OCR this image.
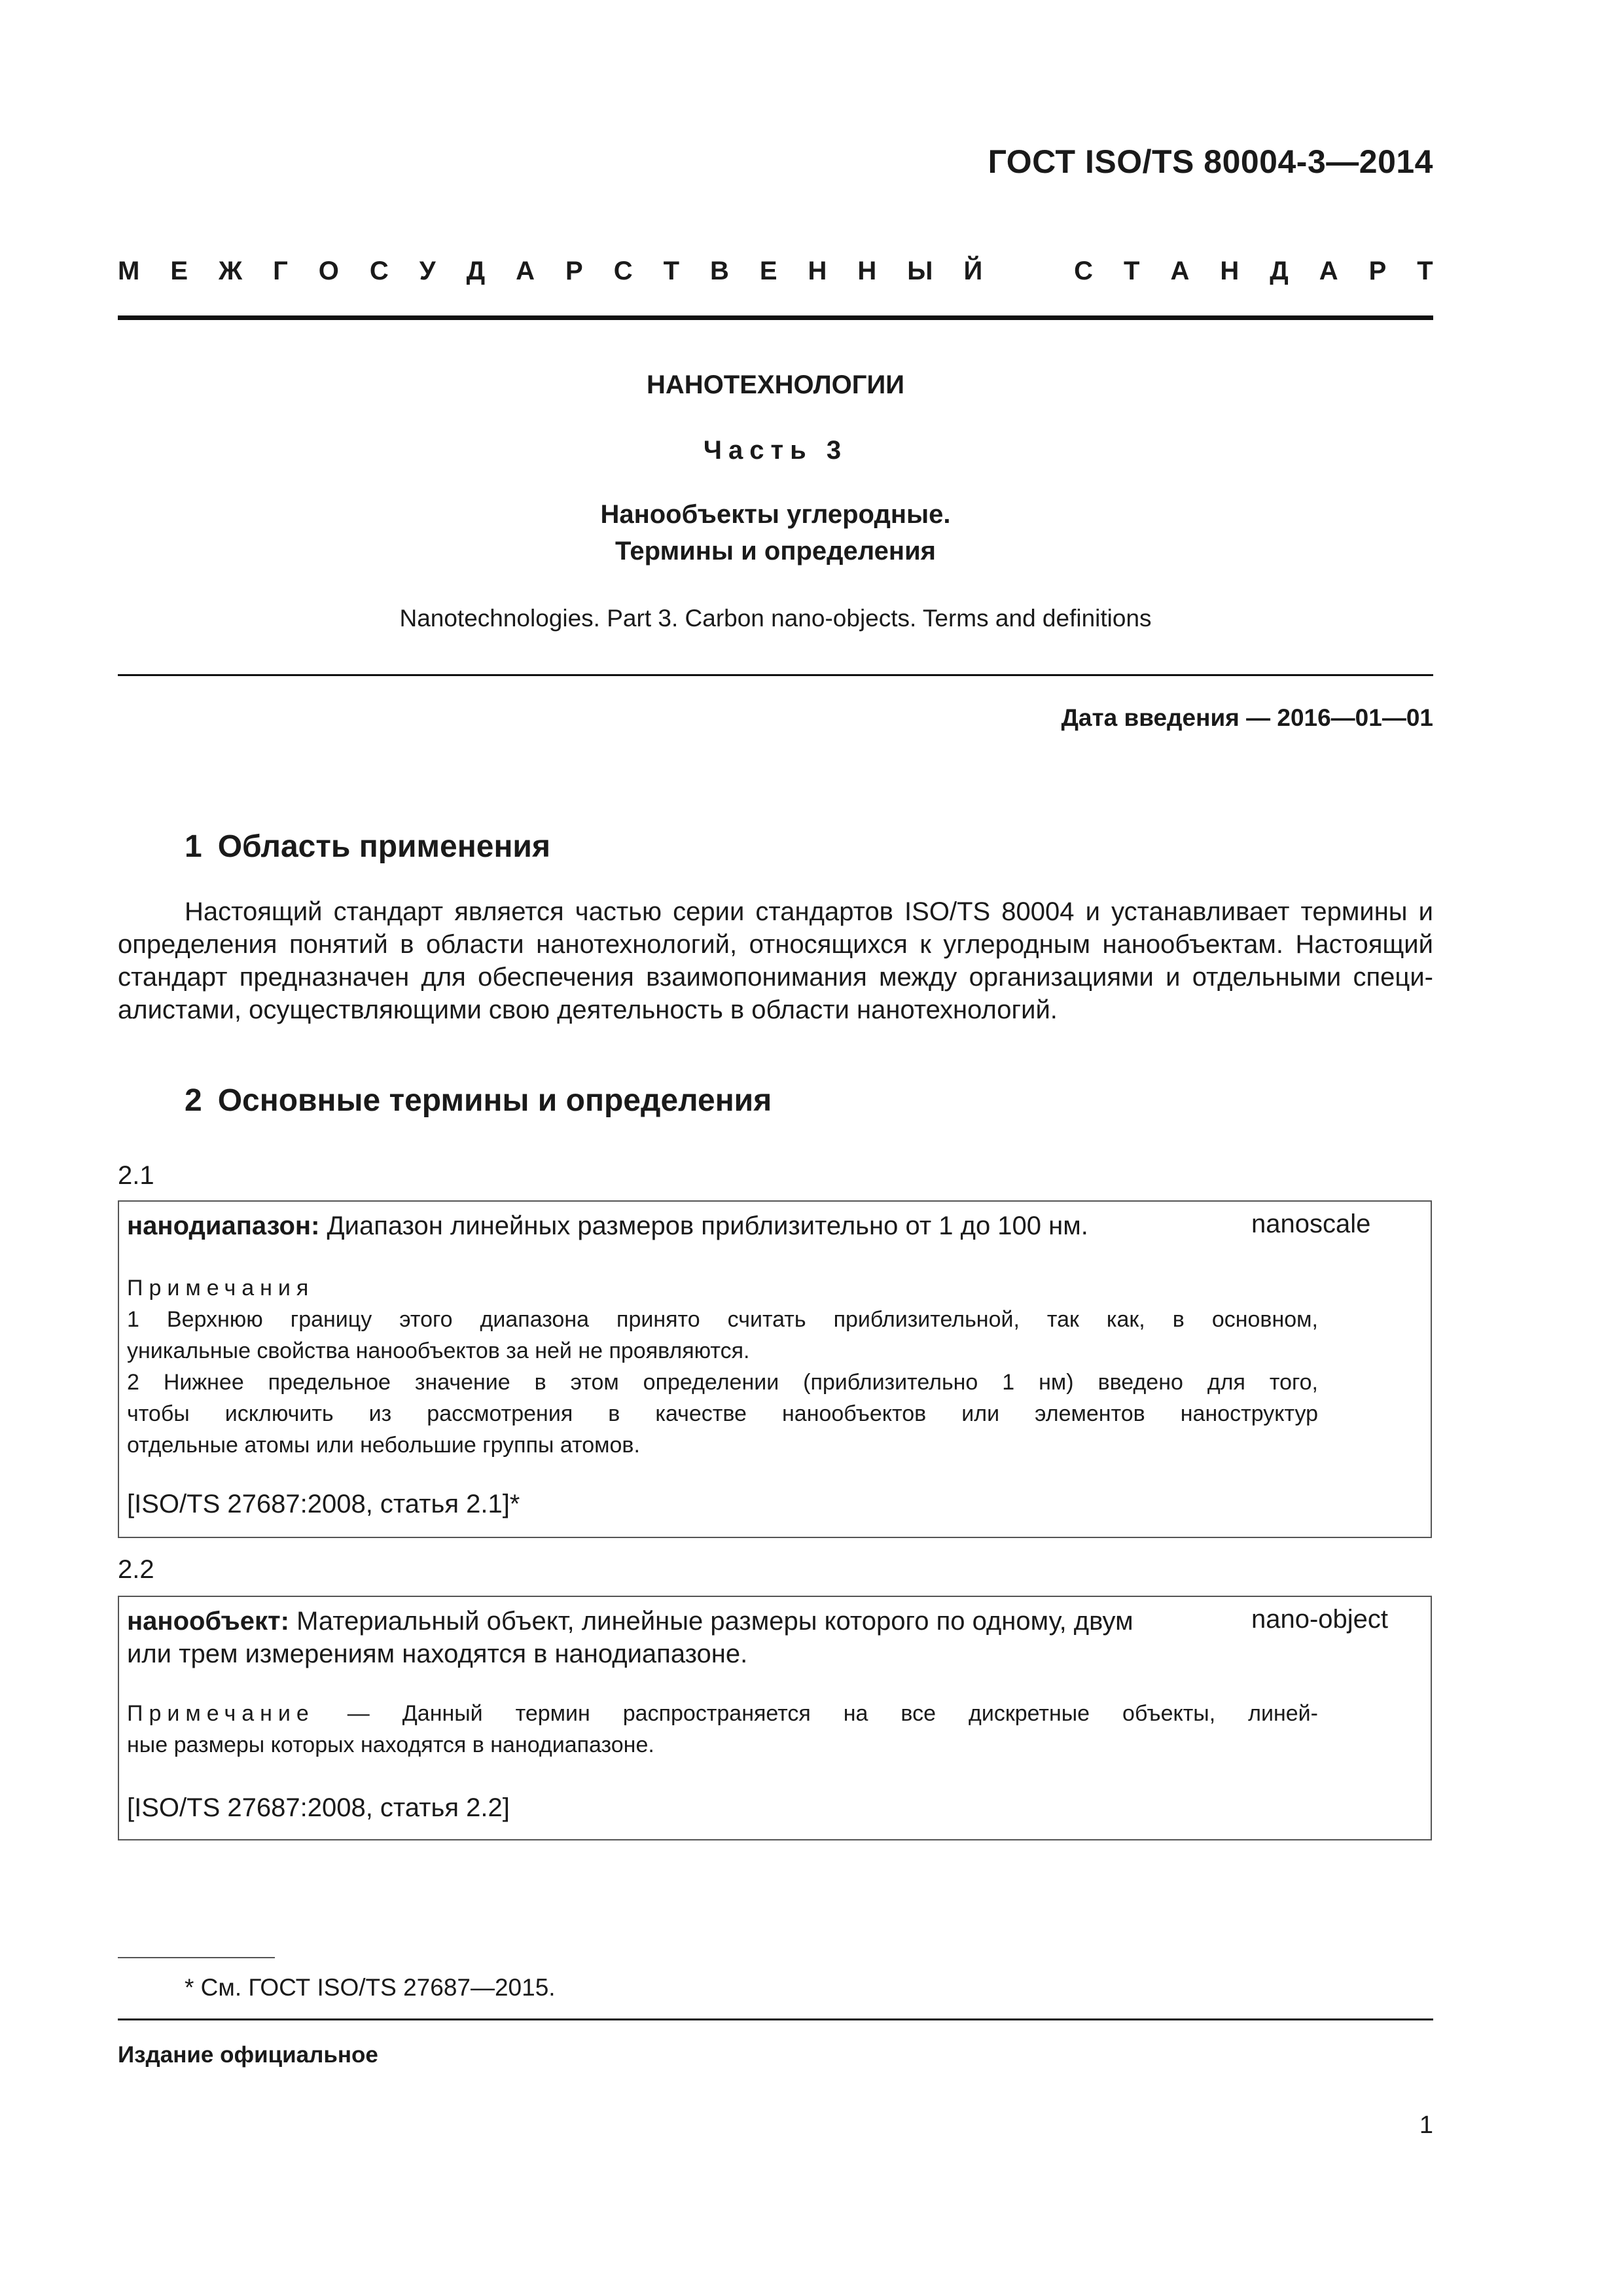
ГОСТ ISO/TS 80004-3—2014
М Е Ж Г О С У Д А Р С Т В Е Н Н Ы Й	С Т А Н Д А Р Т
НАНОТЕХНОЛОГИИ
Часть 3
Нанообъекты углеродные.
Термины и определения
Nanotechnologies. Part 3. Carbon nano-objects. Terms and definitions
Дата введения — 2016—01—01
1 Область применения
Настоящий стандарт является частью серии стандартов ISO/TS 80004 и устанавливает термины и
определения понятий в области нанотехнологий, относящихся к углеродным нанообъектам. Настоящий
стандарт предназначен для обеспечения взаимопонимания между организациями и отдельными специ-
алистами, осуществляющими свою деятельность в области нанотехнологий.
2 Основные термины и определения
2.1
нанодиапазон: Диапазон линейных размеров приблизительно от 1 до 100 нм.	nanoscale
Примечания
1 Верхнюю границу этого диапазона принято считать приблизительной, так как, в основном,
уникальные свойства нанообъектов за ней не проявляются.
2 Нижнее предельное значение в этом определении (приблизительно 1 нм) введено для того,
чтобы исключить из рассмотрения в качестве нанообъектов или элементов наноструктур
отдельные атомы или небольшие группы атомов.
[ISO/TS 27687:2008, статья 2.1]*
2.2
нанообъект: Материальный объект, линейные размеры которого по одному, двум
или трем измерениям находятся в нанодиапазоне.
nano-object
Примечание — Данный термин распространяется на все дискретные объекты, линей-
ные размеры которых находятся в нанодиапазоне.
[ISO/TS 27687:2008, статья 2.2]
* См. ГОСТ ISO/TS 27687—2015.
Издание официальное
1
